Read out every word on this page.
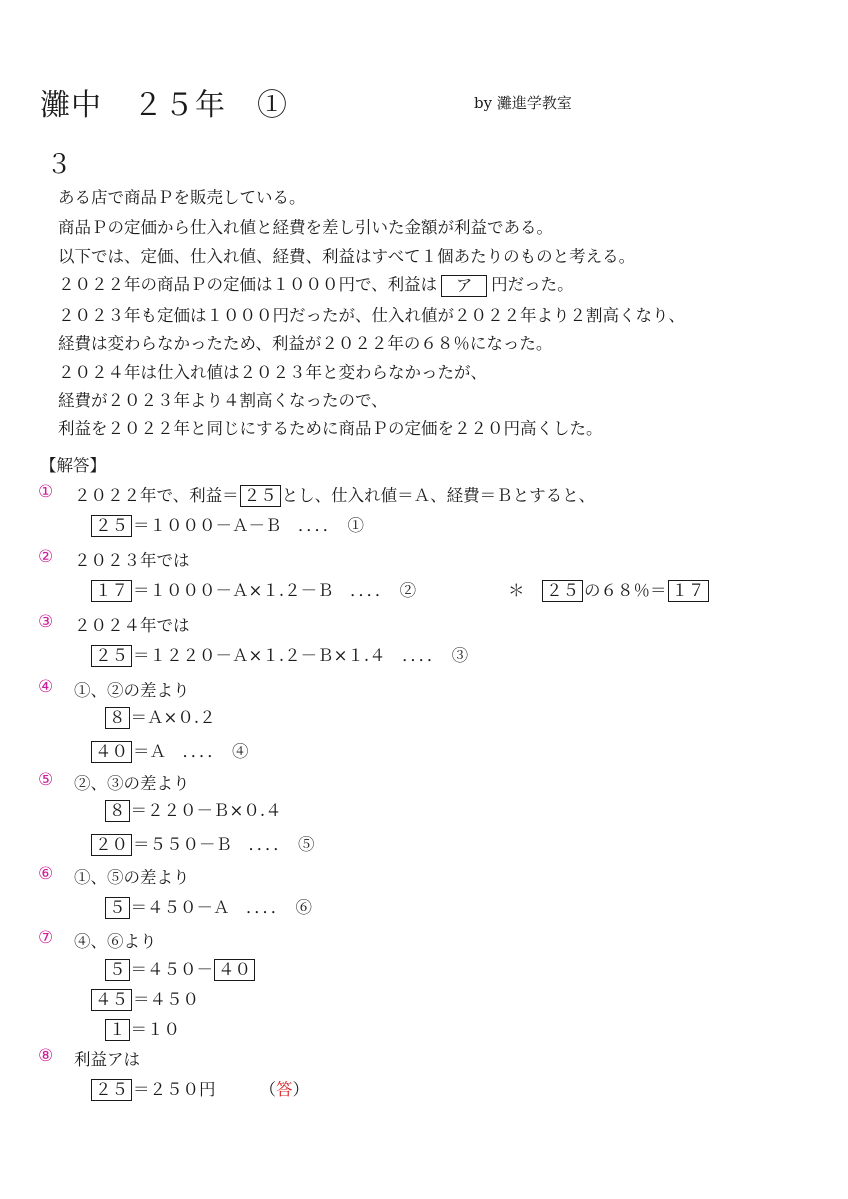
灘中　２５年　①	by 灘進学教室
３
ある店で商品Ｐを販売している。
商品Ｐの定価から仕入れ値と経費を差し引いた金額が利益である。
以下では、定価、仕入れ値、経費、利益はすべて１個あたりのものと考える。
２０２２年の商品Ｐの定価は１０００円で、利益は ア 円だった。
２０２３年も定価は１０００円だったが、仕入れ値が２０２２年より２割高くなり、
経費は変わらなかったため、利益が２０２２年の６８％になった。
２０２４年は仕入れ値は２０２３年と変わらなかったが、
経費が２０２３年より４割高くなったので、
利益を２０２２年と同じにするために商品Ｐの定価を２２０円高くした。
【解答】
① ２０２２年で、利益＝ ２５ とし、仕入れ値＝Ａ、経費＝Ｂとすると、
２５ ＝１０００－Ａ－Ｂ　．．．．　①
② ２０２３年では
１７ ＝１０００－Ａ×１.２－Ｂ　．．．．　②	＊　２５ の６８％＝ １７
③ ２０２４年では
２５ ＝１２２０－Ａ×１.２－Ｂ×１.４　．．．．　③
④ ①、②の差より
８ ＝Ａ×０.２
４０ ＝Ａ　．．．．　④
⑤ ②、③の差より
８ ＝２２０－Ｂ×０.４
２０ ＝５５０－Ｂ　．．．．　⑤
⑥ ①、⑤の差より
５ ＝４５０－Ａ　．．．．　⑥
⑦ ④、⑥より
５ ＝４５０－ ４０
４５ ＝４５０
１ ＝１０
⑧ 利益アは
２５ ＝２５０円	（答）
